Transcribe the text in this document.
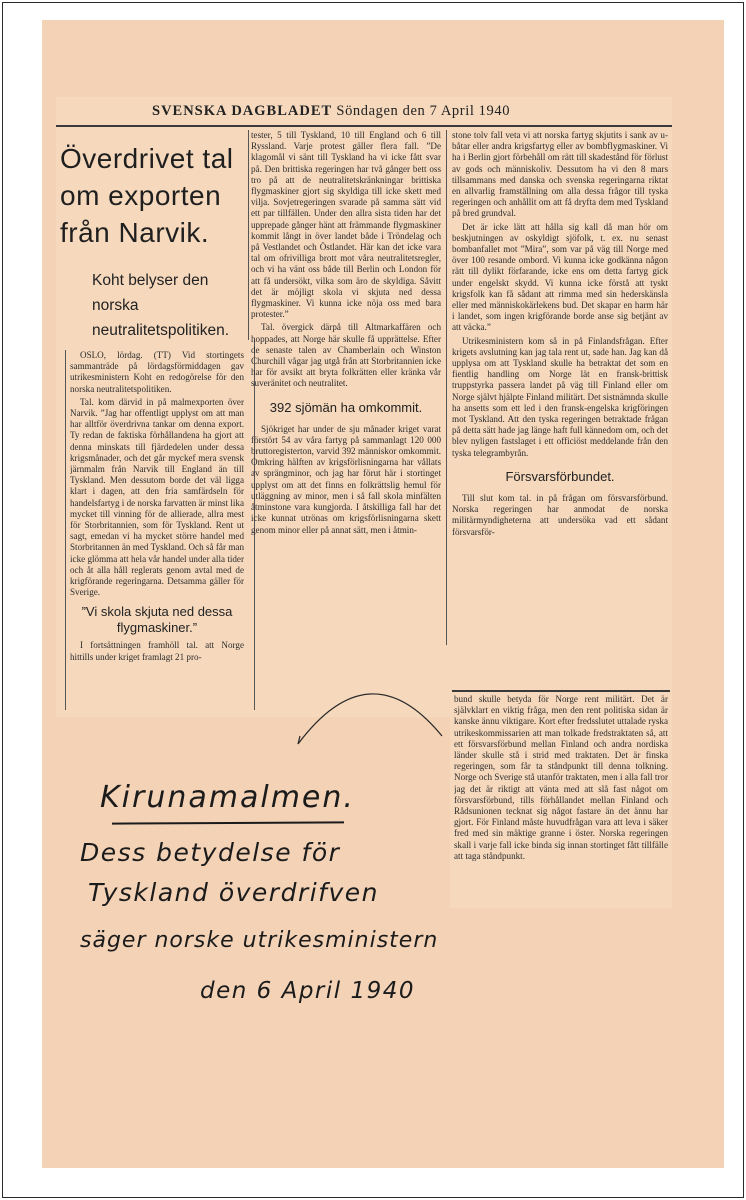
SVENSKA DAGBLADET Söndagen den 7 April 1940
Överdrivet tal om exporten från Narvik.
Koht belyser den norska neutralitetspolitiken.

OSLO, lördag. (TT) Vid stortingets sammanträde på lördagsförmiddagen gav utrikesministern Koht en redogörelse för den norska neutralitetspolitiken.

Tal. kom därvid in på malmexporten över Narvik. ”Jag har offentligt upplyst om att man har alltför överdrivna tankar om denna export. Ty redan de faktiska förhållandena ha gjort att denna minskats till fjärdedelen under dessa krigsmånader, och det går myckef mera svensk järnmalm från Narvik till England än till Tyskland. Men dessutom borde det väl ligga klart i dagen, att den fria samfärdseln för handelsfartyg i de norska farvatten är minst lika mycket till vinning för de allierade, allra mest för Storbritannien, som för Tyskland. Rent ut sagt, emedan vi ha mycket större handel med Storbritannen än med Tyskland. Och så får man icke glömma att hela vår handel under alla tider och åt alla håll reglerats genom avtal med de krigförande regeringarna. Detsamma gäller för Sverige.

”Vi skola skjuta ned dessa flygmaskiner.”

I fortsättningen framhöll tal. att Norge hittills under kriget framlagt 21 pro-

tester, 5 till Tyskland, 10 till England och 6 till Ryssland. Varje protest gäller flera fall. ”De klagomål vi sänt till Tyskland ha vi icke fått svar på. Den brittiska regeringen har två gånger bett oss tro på att de neutralitetskränkningar brittiska flygmaskiner gjort sig skyldiga till icke skett med vilja. Sovjetregeringen svarade på samma sätt vid ett par tillfällen. Under den allra sista tiden har det upprepade gånger hänt att främmande flygmaskiner kommit långt in över landet både i Tröndelag och på Vestlandet och Östlandet. Här kan det icke vara tal om ofrivilliga brott mot våra neutralitetsregler, och vi ha vänt oss både till Berlin och London för att få undersökt, vilka som äro de skyldiga. Såvitt det är möjligt skola vi skjuta ned dessa flygmaskiner. Vi kunna icke nöja oss med bara protester.”

Tal. övergick därpå till Altmarkaffären och hoppades, att Norge här skulle få upprättelse. Efter de senaste talen av Chamberlain och Winston Churchill vågar jag utgå från att Storbritannien icke har för avsikt att bryta folkrätten eller kränka vår suveränitet och neutralitet.

392 sjömän ha omkommit.

Sjökriget har under de sju månader kriget varat förstört 54 av våra fartyg på sammanlagt 120 000 bruttoregisterton, varvid 392 människor omkommit. Omkring hälften av krigsförlisningarna har vållats av sprängminor, och jag har förut här i stortinget upplyst om att det finns en folkrättslig hemul för utläggning av minor, men i så fall skola minfälten åtminstone vara kungjorda. I åtskilliga fall har det icke kunnat utrönas om krigsförlisningarna skett genom minor eller på annat sätt, men i åtmin-

stone tolv fall veta vi att norska fartyg skjutits i sank av u-båtar eller andra krigsfartyg eller av bombflygmaskiner. Vi ha i Berlin gjort förbehåll om rätt till skadestånd för förlust av gods och människoliv. Dessutom ha vi den 8 mars tillsammans med danska och svenska regeringarna riktat en allvarlig framställning om alla dessa frågor till tyska regeringen och anhållit om att få dryfta dem med Tyskland på bred grundval.

Det är icke lätt att hålla sig kall då man hör om beskjutningen av oskyldigt sjöfolk, t. ex. nu senast bombanfallet mot ”Mira”, som var på väg till Norge med över 100 resande ombord. Vi kunna icke godkänna någon rätt till dylikt förfarande, icke ens om detta fartyg gick under engelskt skydd. Vi kunna icke förstå att tyskt krigsfolk kan få sådant att rimma med sin hederskänsla eller med människokärlekens bud. Det skapar en harm här i landet, som ingen krigförande borde anse sig betjänt av att väcka.”

Utrikesministern kom så in på Finlandsfrågan. Efter krigets avslutning kan jag tala rent ut, sade han. Jag kan då upplysa om att Tyskland skulle ha betraktat det som en fientlig handling om Norge lät en fransk-brittisk truppstyrka passera landet på väg till Finland eller om Norge självt hjälpte Finland militärt. Det sistnämnda skulle ha ansetts som ett led i den fransk-engelska krigföringen mot Tyskland. Att den tyska regeringen betraktade frågan på detta sätt hade jag länge haft full kännedom om, och det blev nyligen fastslaget i ett officiöst meddelande från den tyska telegrambyrån.

Försvarsförbundet.

Till slut kom tal. in på frågan om försvarsförbund. Norska regeringen har anmodat de norska militärmyndigheterna att undersöka vad ett sådant försvarsför-

bund skulle betyda för Norge rent militärt. Det är självklart en viktig fråga, men den rent politiska sidan är kanske ännu viktigare. Kort efter fredsslutet uttalade ryska utrikeskommissarien att man tolkade fredstraktaten så, att ett försvarsförbund mellan Finland och andra nordiska länder skulle stå i strid med traktaten. Det är finska regeringen, som får ta ståndpunkt till denna tolkning. Norge och Sverige stå utanför traktaten, men i alla fall tror jag det är riktigt att vänta med att slå fast något om försvarsförbund, tills förhållandet mellan Finland och Rådsunionen tecknat sig något fastare än det ännu har gjort. För Finland måste huvudfrågan vara att leva i säker fred med sin mäktige granne i öster. Norska regeringen skall i varje fall icke binda sig innan stortinget fått tillfälle att taga ståndpunkt.

Kirunamalmen.
Dess betydelse för
Tyskland överdrifven
säger norske utrikesministern
den 6 April 1940
